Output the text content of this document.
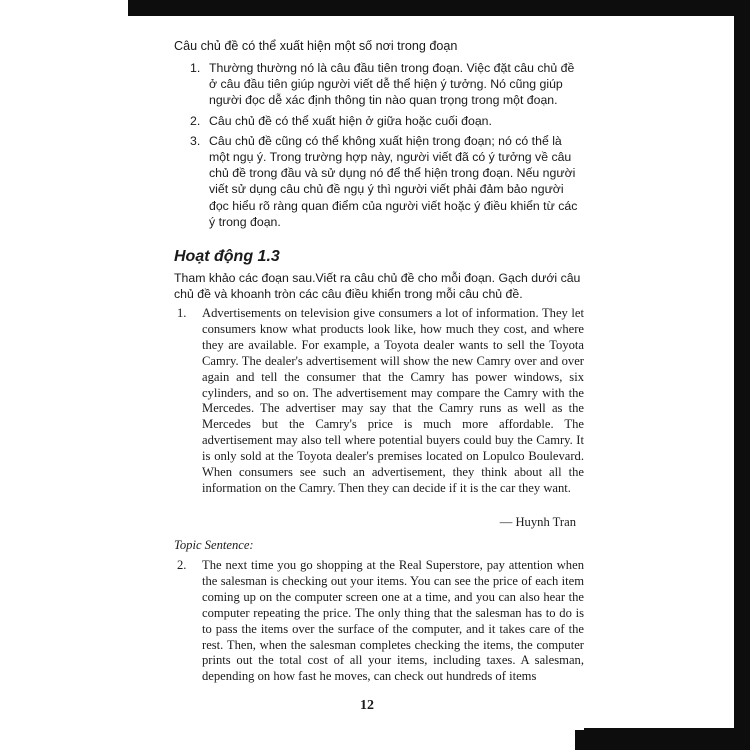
Câu chủ đề có thể xuất hiện một số nơi trong đoạn
1. Thường thường nó là câu đầu tiên trong đoạn. Việc đặt câu chủ đề ở câu đầu tiên giúp người viết dễ thể hiện ý tưởng. Nó cũng giúp người đọc dễ xác định thông tin nào quan trọng trong một đoạn.
2. Câu chủ đề có thể xuất hiện ở giữa hoặc cuối đoạn.
3. Câu chủ đề cũng có thể không xuất hiện trong đoạn; nó có thể là một ngụ ý. Trong trường hợp này, người viết đã có ý tưởng về câu chủ đề trong đầu và sử dụng nó để thể hiện trong đoạn. Nếu người viết sử dụng câu chủ đề ngụ ý thì người viết phải đảm bảo người đọc hiểu rõ ràng quan điểm của người viết hoặc ý điều khiển từ các ý trong đoạn.
Hoạt động 1.3
Tham khảo các đoạn sau.Viết ra câu chủ đề cho mỗi đoạn. Gạch dưới câu chủ đề và khoanh tròn các câu điều khiển trong mỗi câu chủ đề.
1. Advertisements on television give consumers a lot of information. They let consumers know what products look like, how much they cost, and where they are available. For example, a Toyota dealer wants to sell the Toyota Camry. The dealer's advertisement will show the new Camry over and over again and tell the consumer that the Camry has power windows, six cylinders, and so on. The advertisement may compare the Camry with the Mercedes. The advertiser may say that the Camry runs as well as the Mercedes but the Camry's price is much more affordable. The advertisement may also tell where potential buyers could buy the Camry. It is only sold at the Toyota dealer's premises located on Lopulco Boulevard. When consumers see such an advertisement, they think about all the information on the Camry. Then they can decide if it is the car they want.
— Huynh Tran
Topic Sentence:
2. The next time you go shopping at the Real Superstore, pay attention when the salesman is checking out your items. You can see the price of each item coming up on the computer screen one at a time, and you can also hear the computer repeating the price. The only thing that the salesman has to do is to pass the items over the surface of the computer, and it takes care of the rest. Then, when the salesman completes checking the items, the computer prints out the total cost of all your items, including taxes. A salesman, depending on how fast he moves, can check out hundreds of items
12
